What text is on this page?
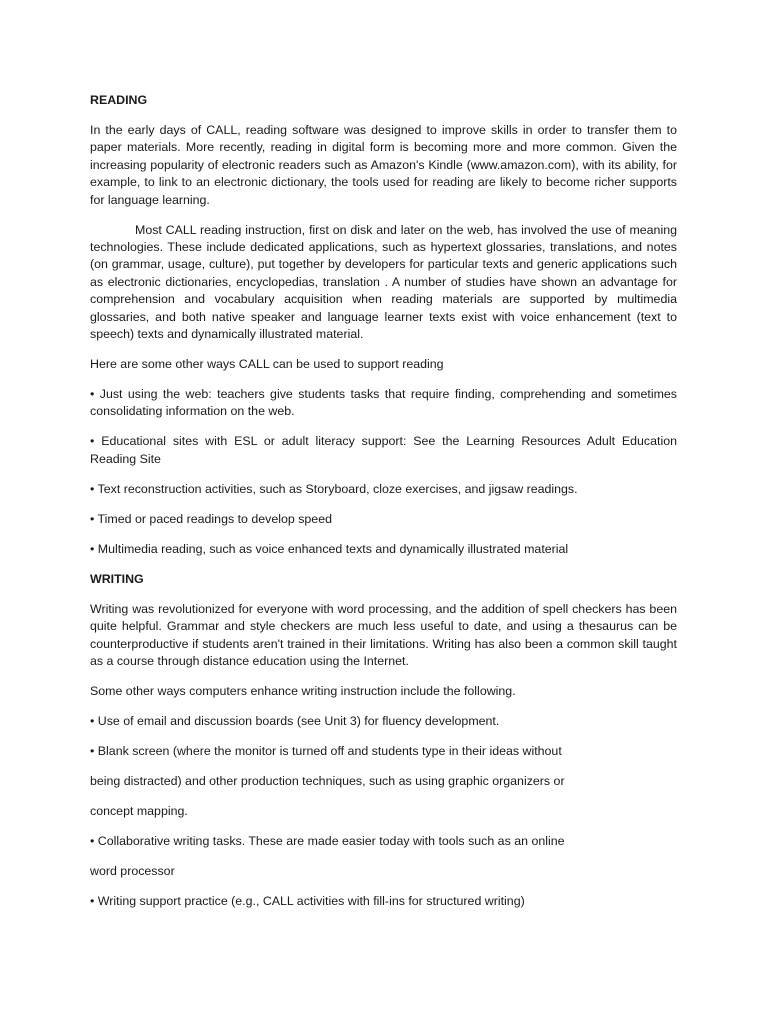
READING
In the early days of CALL, reading software was designed to improve skills in order to transfer them to paper materials. More recently, reading in digital form is becoming more and more common. Given the increasing popularity of electronic readers such as Amazon's Kindle (www.amazon.com), with its ability, for example, to link to an electronic dictionary, the tools used for reading are likely to become richer supports for language learning.
Most CALL reading instruction, first on disk and later on the web, has involved the use of meaning technologies. These include dedicated applications, such as hypertext glossaries, translations, and notes (on grammar, usage, culture), put together by developers for particular texts and generic applications such as electronic dictionaries, encyclopedias, translation . A number of studies have shown an advantage for comprehension and vocabulary acquisition when reading materials are supported by multimedia glossaries, and both native speaker and language learner texts exist with voice enhancement (text to speech) texts and dynamically illustrated material.
Here are some other ways CALL can be used to support reading
• Just using the web: teachers give students tasks that require finding, comprehending and sometimes consolidating information on the web.
• Educational sites with ESL or adult literacy support: See the Learning Resources Adult Education Reading Site
• Text reconstruction activities, such as Storyboard, cloze exercises, and jigsaw readings.
• Timed or paced readings to develop speed
• Multimedia reading, such as voice enhanced texts and dynamically illustrated material
WRITING
Writing was revolutionized for everyone with word processing, and the addition of spell checkers has been quite helpful. Grammar and style checkers are much less useful to date, and using a thesaurus can be counterproductive if students aren't trained in their limitations. Writing has also been a common skill taught as a course through distance education using the Internet.
Some other ways computers enhance writing instruction include the following.
• Use of email and discussion boards (see Unit 3) for fluency development.
• Blank screen (where the monitor is turned off and students type in their ideas without
being distracted) and other production techniques, such as using graphic organizers or
concept mapping.
• Collaborative writing tasks. These are made easier today with tools such as an online
word processor
• Writing support practice (e.g., CALL activities with fill-ins for structured writing)
